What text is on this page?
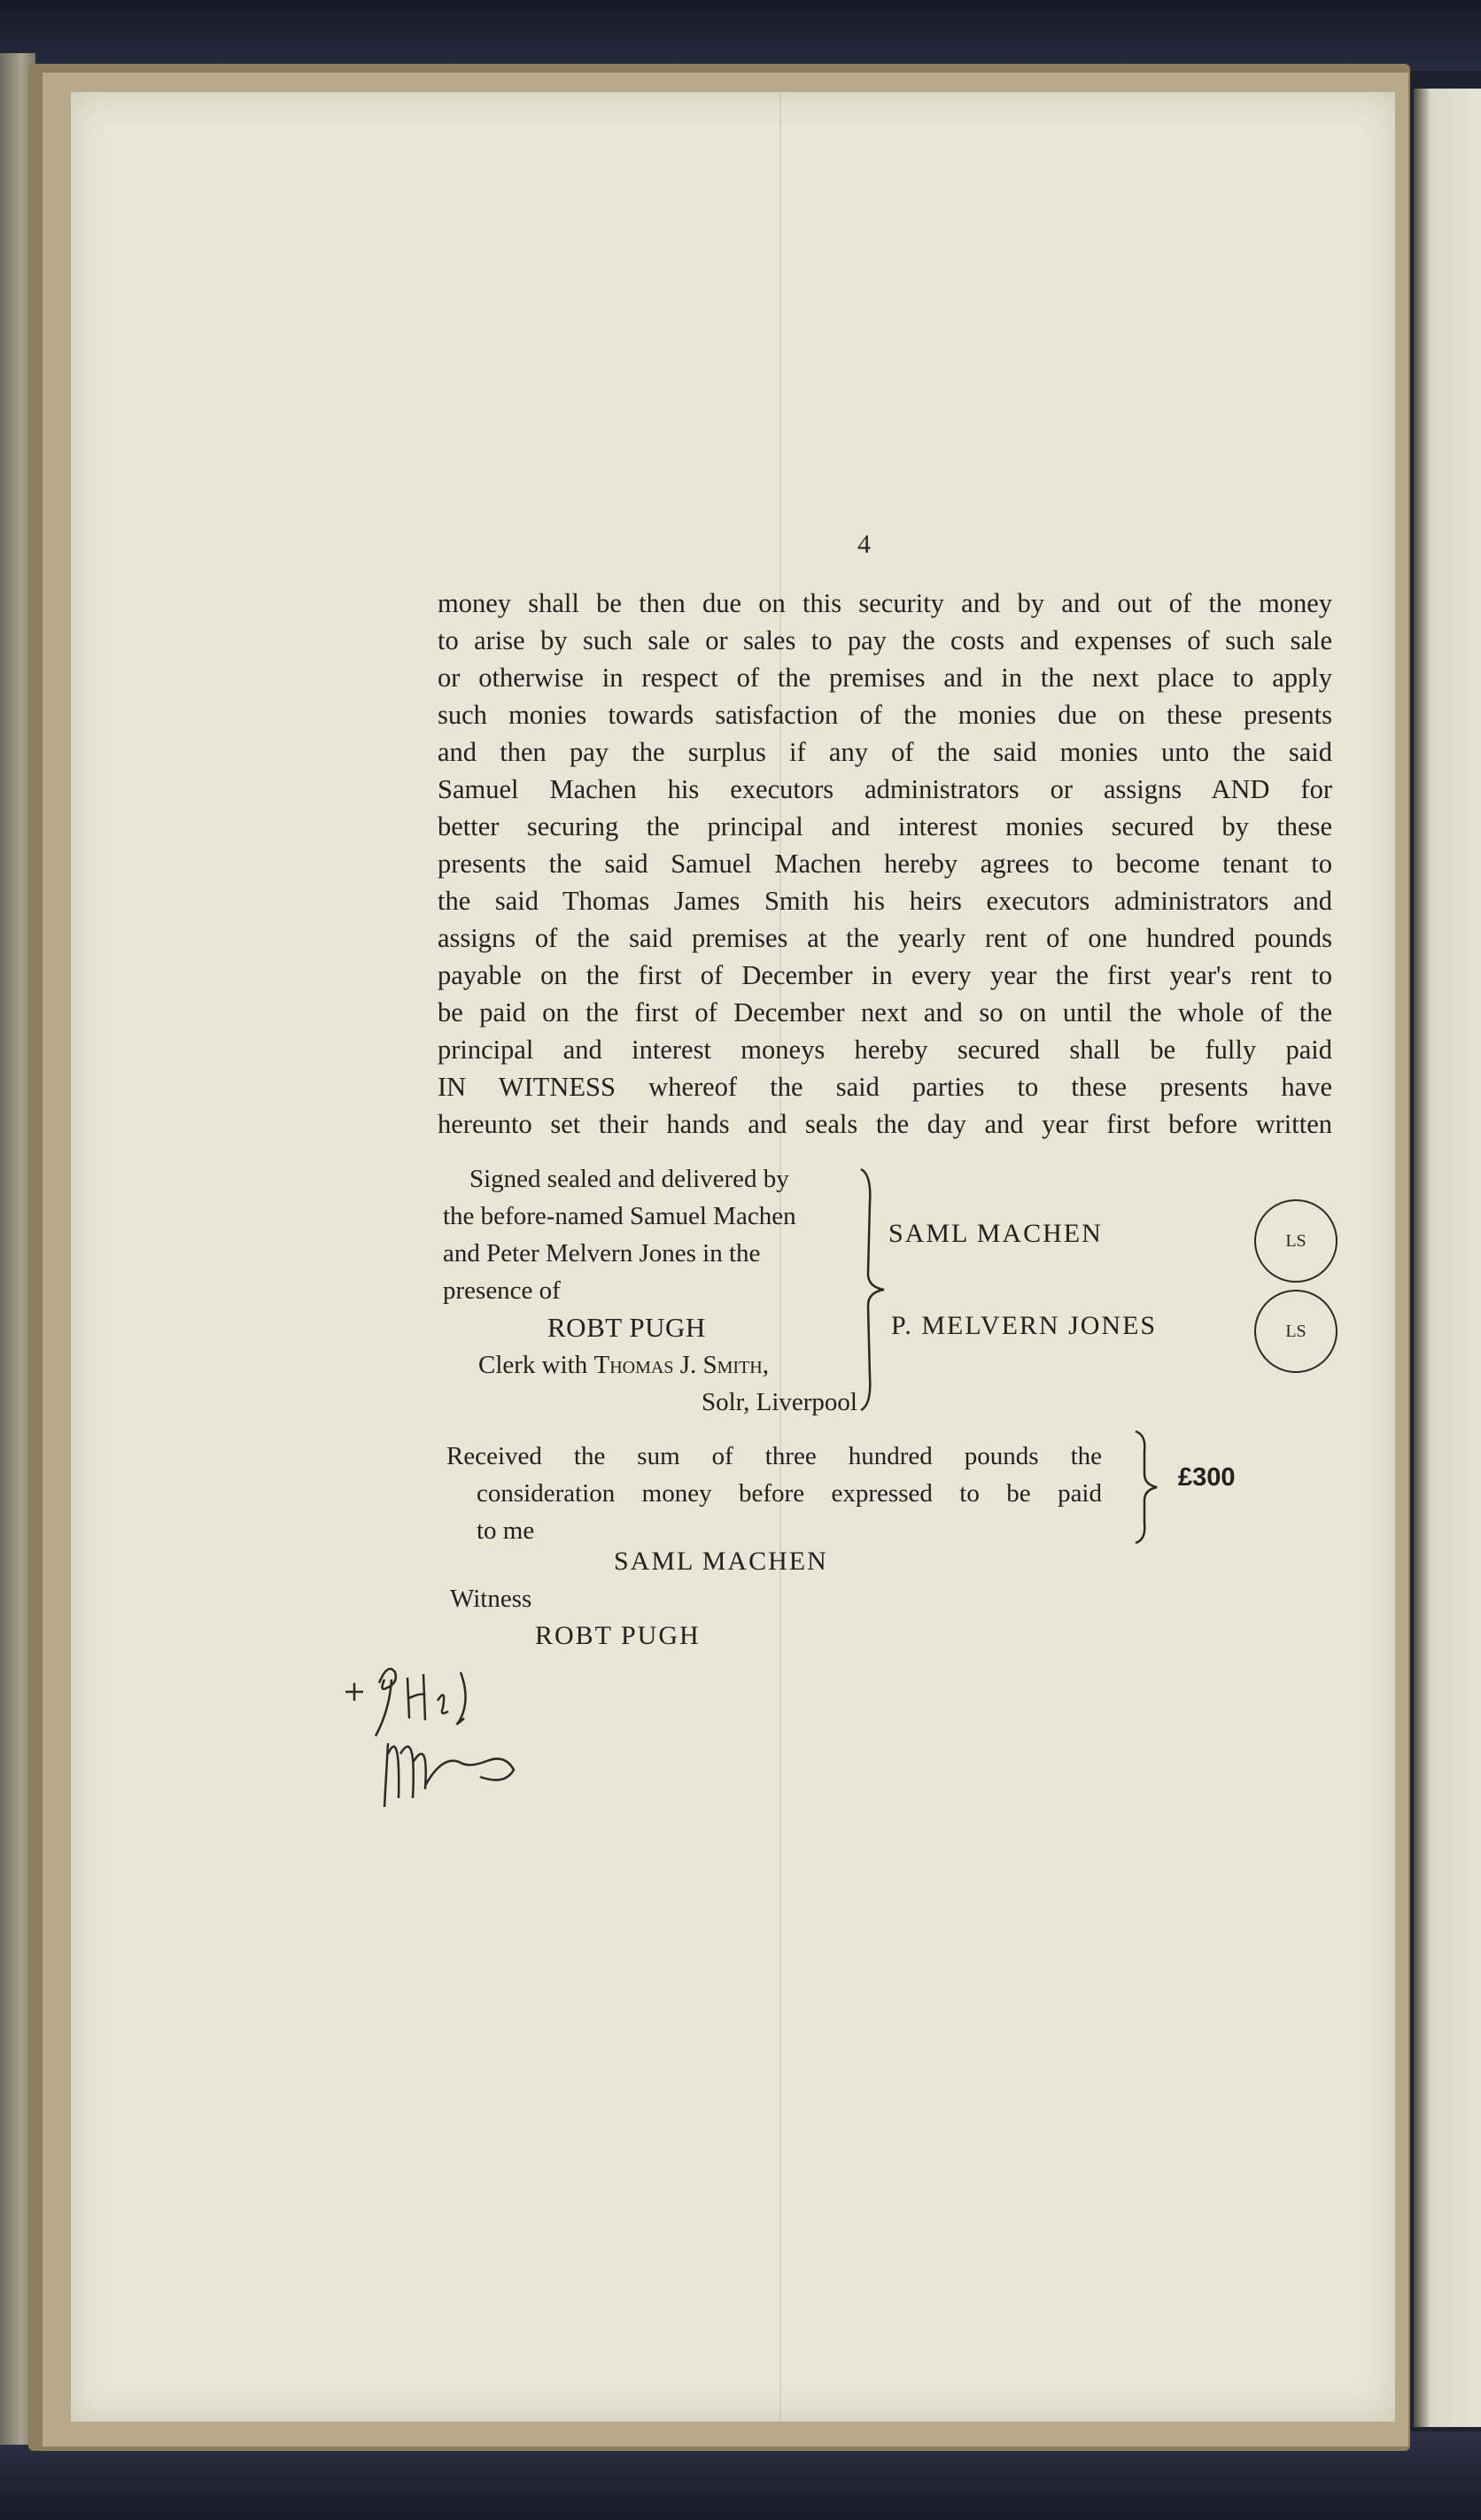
4
money shall be then due on this security and by and out of the money
to arise by such sale or sales to pay the costs and expenses of such sale
or otherwise in respect of the premises and in the next place to apply
such monies towards satisfaction of the monies due on these presents
and then pay the surplus if any of the said monies unto the said
Samuel Machen his executors administrators or assigns AND for
better securing the principal and interest monies secured by these
presents the said Samuel Machen hereby agrees to become tenant to
the said Thomas James Smith his heirs executors administrators and
assigns of the said premises at the yearly rent of one hundred pounds
payable on the first of December in every year the first year's rent to
be paid on the first of December next and so on until the whole of the
principal and interest moneys hereby secured shall be fully paid
IN WITNESS whereof the said parties to these presents have
hereunto set their hands and seals the day and year first before written
Signed sealed and delivered by
the before-named Samuel Machen
and Peter Melvern Jones in the
presence of
ROBT PUGH
Clerk with Thomas J. Smith,
Solr, Liverpool
SAML MACHEN	LS
P. MELVERN JONES	LS
Received the sum of three hundred pounds the
consideration money before expressed to be paid
to me
£300
SAML MACHEN
Witness
ROBT PUGH
